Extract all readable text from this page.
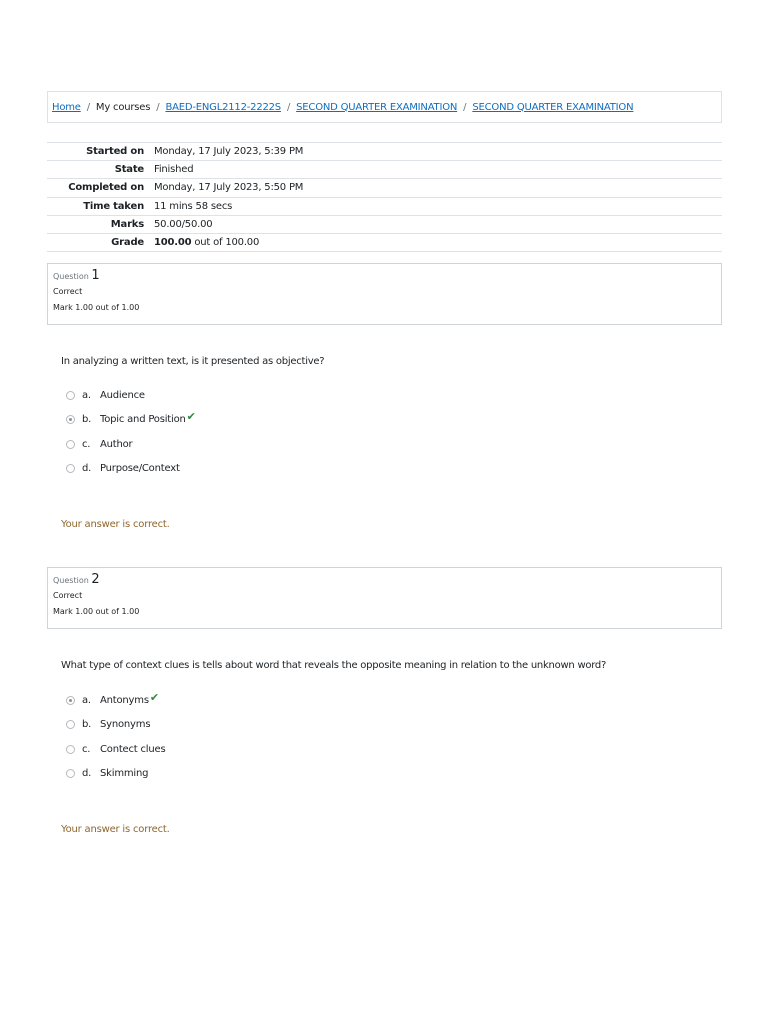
Home / My courses / BAED-ENGL2112-2222S / SECOND QUARTER EXAMINATION / SECOND QUARTER EXAMINATION
Started on	Monday, 17 July 2023, 5:39 PM
State	Finished
Completed on	Monday, 17 July 2023, 5:50 PM
Time taken	11 mins 58 secs
Marks	50.00/50.00
Grade	100.00 out of 100.00
Question 1
Correct
Mark 1.00 out of 1.00
In analyzing a written text, is it presented as objective?
a. Audience
b. Topic and Position ✔
c. Author
d. Purpose/Context
Your answer is correct.
Question 2
Correct
Mark 1.00 out of 1.00
What type of context clues is tells about word that reveals the opposite meaning in relation to the unknown word?
a. Antonyms ✔
b. Synonyms
c. Contect clues
d. Skimming
Your answer is correct.
